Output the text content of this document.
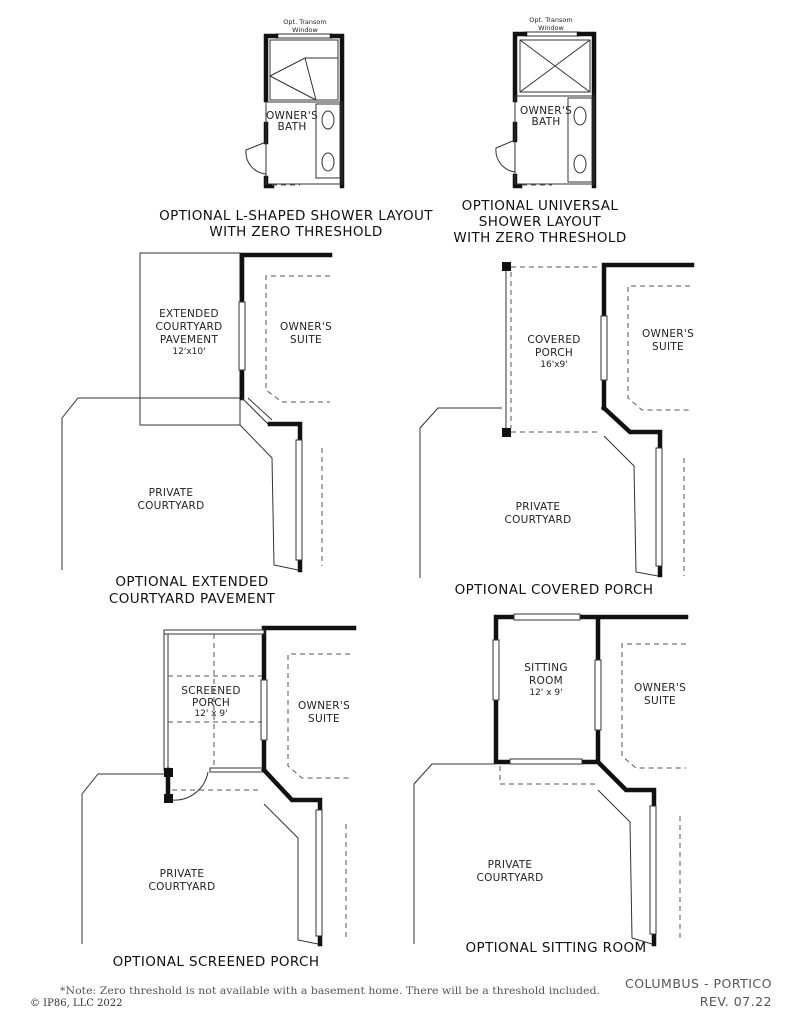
Opt. Transom
Window
OWNER'S
BATH
OPTIONAL L-SHAPED SHOWER LAYOUT
WITH ZERO THRESHOLD
Opt. Transom
Window
OWNER'S
BATH
OPTIONAL UNIVERSAL
SHOWER LAYOUT
WITH ZERO THRESHOLD
EXTENDED
COURTYARD
PAVEMENT
12'x10'
OWNER'S
SUITE
PRIVATE
COURTYARD
OPTIONAL EXTENDED
COURTYARD PAVEMENT
COVERED
PORCH
16'x9'
OWNER'S
SUITE
PRIVATE
COURTYARD
OPTIONAL COVERED PORCH
SCREENED
PORCH
12' x 9'
OWNER'S
SUITE
PRIVATE
COURTYARD
OPTIONAL SCREENED PORCH
SITTING
ROOM
12' x 9'	OWNER'S
SUITE
PRIVATE
COURTYARD
OPTIONAL SITTING ROOM
*Note: Zero threshold is not available with a basement home. There will be a threshold included.
© IP86, LLC 2022
COLUMBUS - PORTICO
REV. 07.22
